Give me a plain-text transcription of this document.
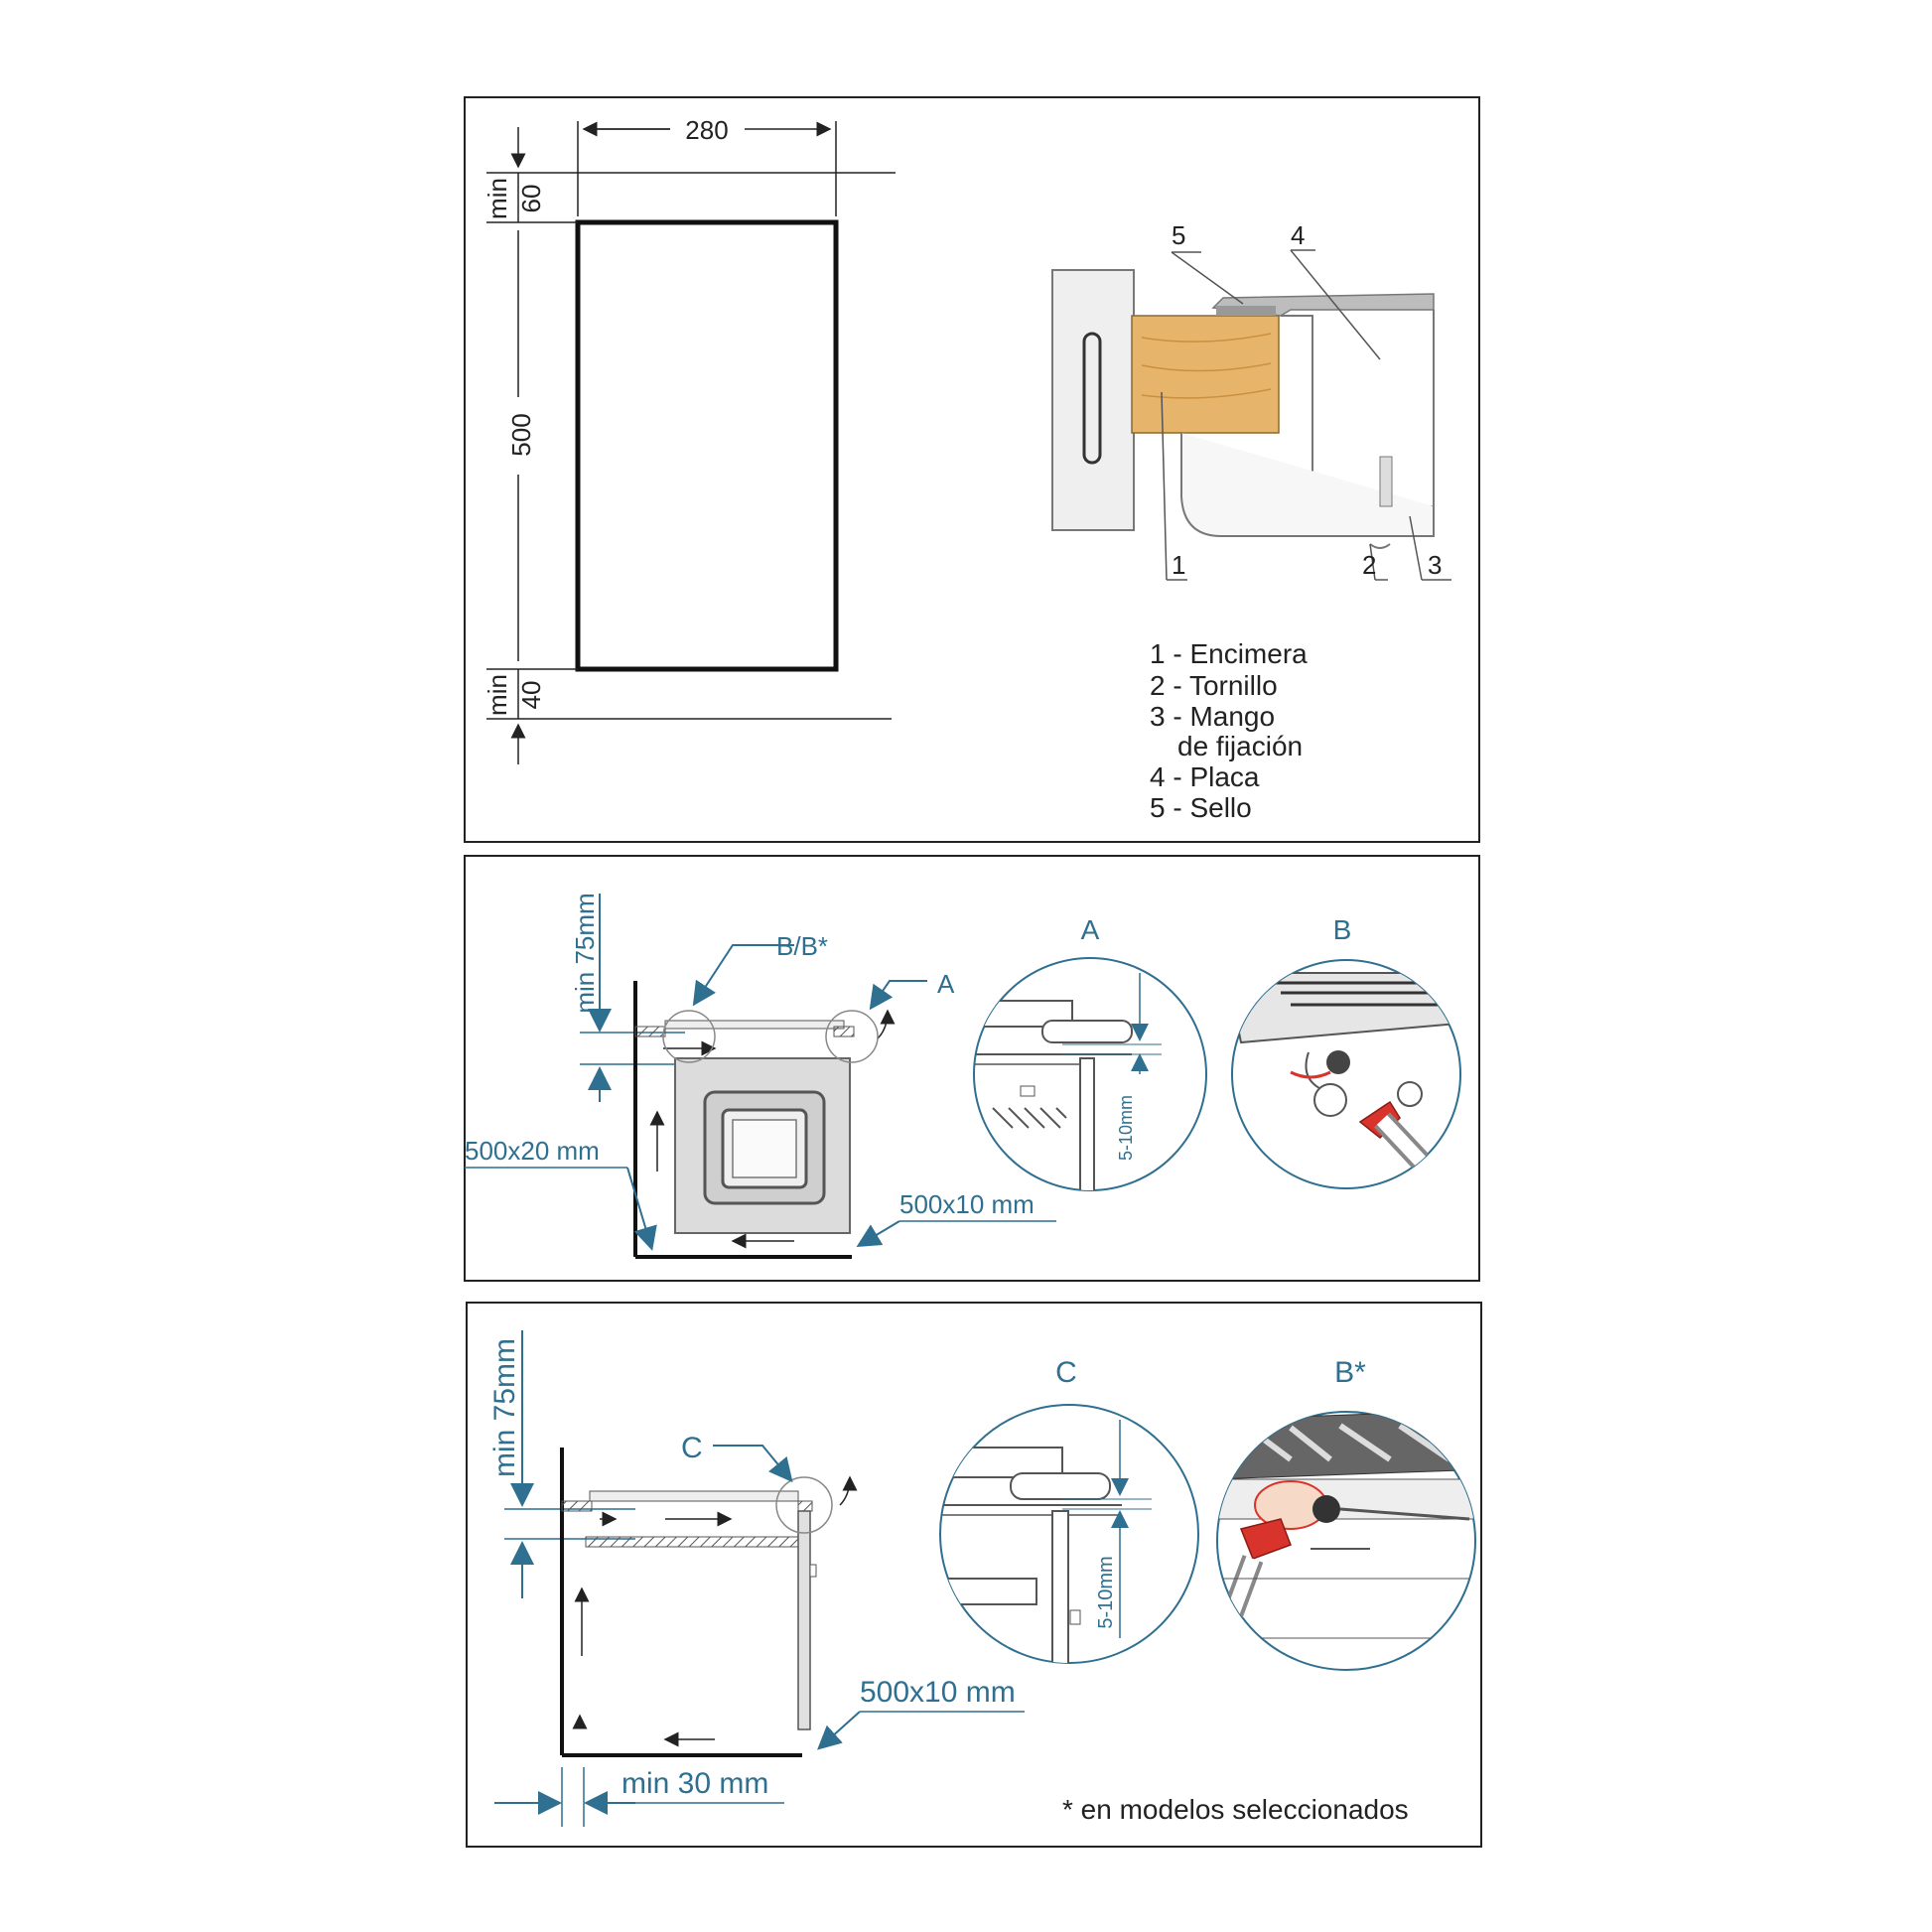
280
min 60
500
min 40
1	2 3
4
5
1 - Encimera
2 - Tornillo
3 - Mango
de fijación
4 - Placa
5 - Sello
min 75mm	B/B*
A
500x20 mm
500x10 mm
A
5-10mm
B
min 75mm	C
500x10 mm
min 30 mm
C
5-10mm
B*
* en modelos seleccionados
